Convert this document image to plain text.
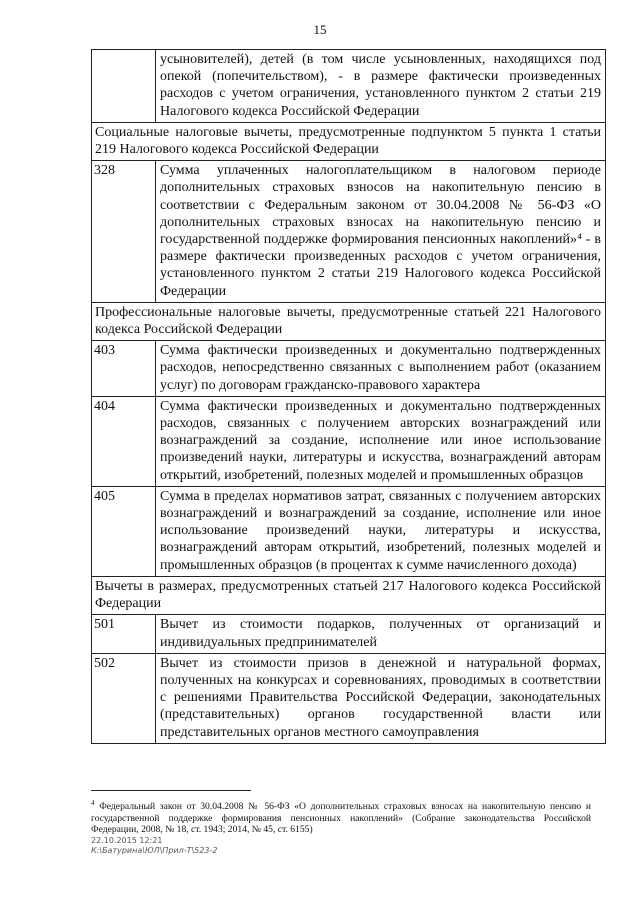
15
	усыновителей), детей (в том числе усыновленных, находящихся под опекой (попечительством), - в размере фактически произведенных расходов с учетом ограничения, установленного пунктом 2 статьи 219 Налогового кодекса Российской Федерации
Социальные налоговые вычеты, предусмотренные подпунктом 5 пункта 1 статьи 219 Налогового кодекса Российской Федерации	
328	Сумма уплаченных налогоплательщиком в налоговом периоде дополнительных страховых взносов на накопительную пенсию в соответствии с Федеральным законом от 30.04.2008 № 56-ФЗ «О дополнительных страховых взносах на накопительную пенсию и государственной поддержке формирования пенсионных накоплений»⁴ - в размере фактически произведенных расходов с учетом ограничения, установленного пунктом 2 статьи 219 Налогового кодекса Российской Федерации
Профессиональные налоговые вычеты, предусмотренные статьей 221 Налогового кодекса Российской Федерации	
403	Сумма фактически произведенных и документально подтвержденных расходов, непосредственно связанных с выполнением работ (оказанием услуг) по договорам гражданско-правового характера
404	Сумма фактически произведенных и документально подтвержденных расходов, связанных с получением авторских вознаграждений или вознаграждений за создание, исполнение или иное использование произведений науки, литературы и искусства, вознаграждений авторам открытий, изобретений, полезных моделей и промышленных образцов
405	Сумма в пределах нормативов затрат, связанных с получением авторских вознаграждений и вознаграждений за создание, исполнение или иное использование произведений науки, литературы и искусства, вознаграждений авторам открытий, изобретений, полезных моделей и промышленных образцов (в процентах к сумме начисленного дохода)
Вычеты в размерах, предусмотренных статьей 217 Налогового кодекса Российской Федерации	
501	Вычет из стоимости подарков, полученных от организаций и индивидуальных предпринимателей
502	Вычет из стоимости призов в денежной и натуральной формах, полученных на конкурсах и соревнованиях, проводимых в соответствии с решениями Правительства Российской Федерации, законодательных (представительных) органов государственной власти или представительных органов местного самоуправления
$^4$ Федеральный закон от 30.04.2008 № 56-ФЗ «О дополнительных страховых взносах на накопительную пенсию и государственной поддержке формирования пенсионных накоплений» (Собрание законодательства Российской Федерации, 2008, № 18, ст. 1943; 2014, № 45, ст. 6155)
22.10.2015 12:21
К:\Батурина\ЮЛ\Прил-Т\523-2
